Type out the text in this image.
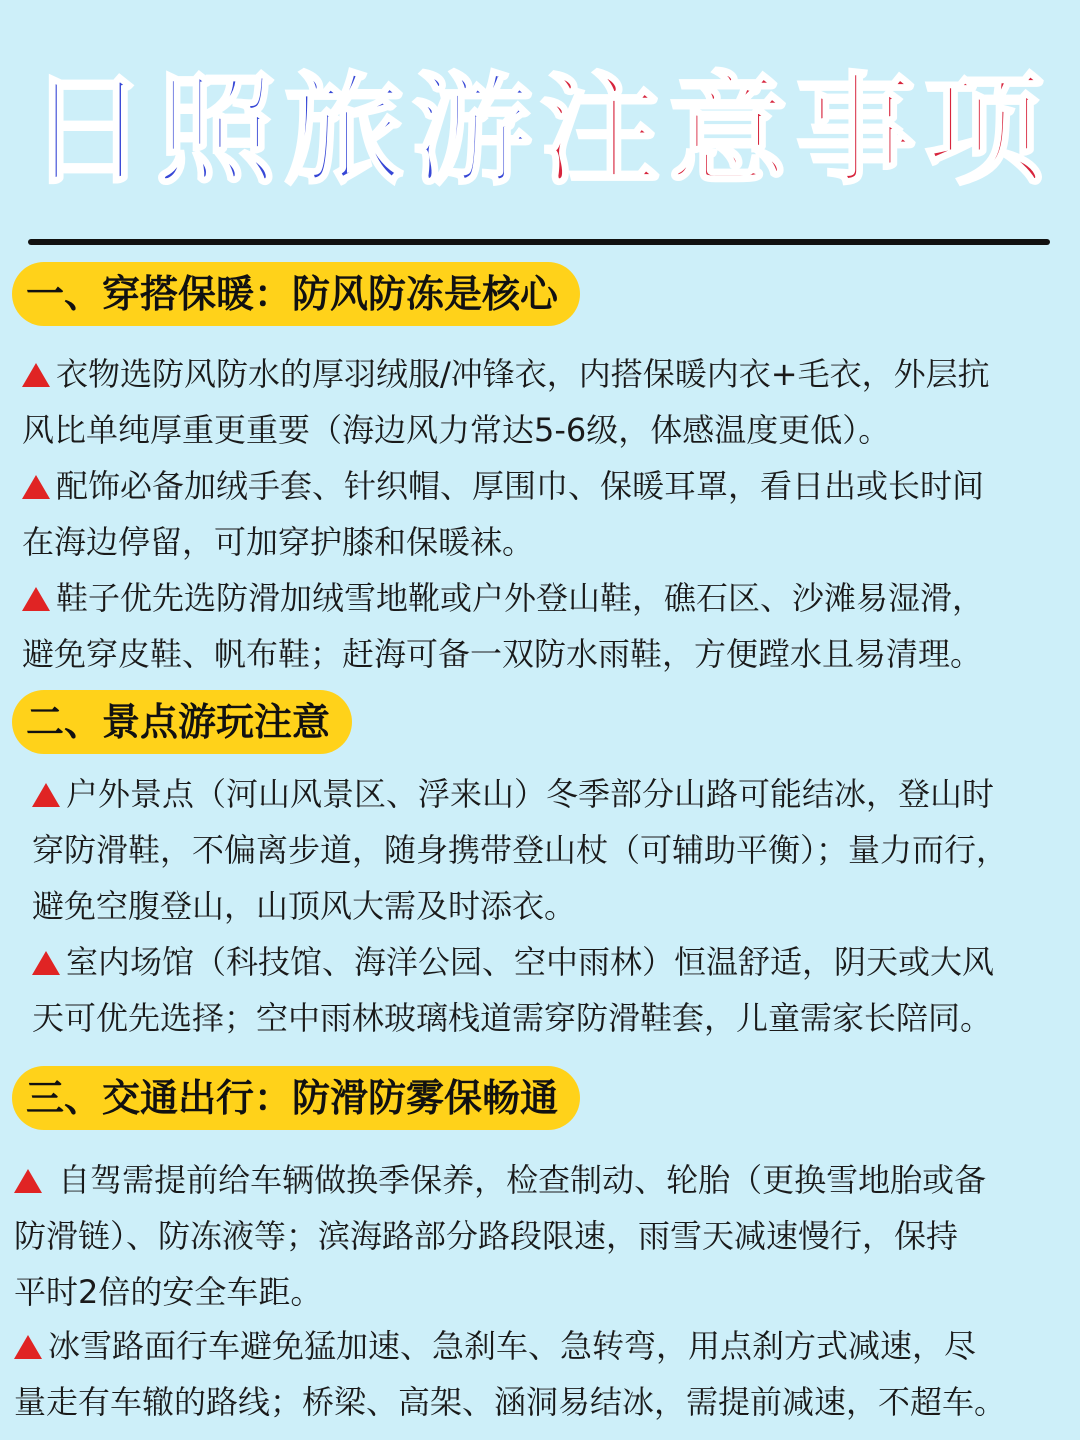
日照旅游注意事项
一、穿搭保暖：防风防冻是核心
衣物选防风防水的厚羽绒服/冲锋衣，内搭保暖内衣+毛衣，外层抗
风比单纯厚重更重要（海边风力常达5-6级，体感温度更低）。
配饰必备加绒手套、针织帽、厚围巾、保暖耳罩，看日出或长时间
在海边停留，可加穿护膝和保暖袜。
鞋子优先选防滑加绒雪地靴或户外登山鞋，礁石区、沙滩易湿滑，
避免穿皮鞋、帆布鞋；赶海可备一双防水雨鞋，方便蹚水且易清理。
二、景点游玩注意
户外景点（河山风景区、浮来山）冬季部分山路可能结冰，登山时
穿防滑鞋，不偏离步道，随身携带登山杖（可辅助平衡）；量力而行，
避免空腹登山，山顶风大需及时添衣。
室内场馆（科技馆、海洋公园、空中雨林）恒温舒适，阴天或大风
天可优先选择；空中雨林玻璃栈道需穿防滑鞋套，儿童需家长陪同。
三、交通出行：防滑防雾保畅通
自驾需提前给车辆做换季保养，检查制动、轮胎（更换雪地胎或备
防滑链）、防冻液等；滨海路部分路段限速，雨雪天减速慢行，保持
平时2倍的安全车距。
冰雪路面行车避免猛加速、急刹车、急转弯，用点刹方式减速，尽
量走有车辙的路线；桥梁、高架、涵洞易结冰，需提前减速，不超车。
